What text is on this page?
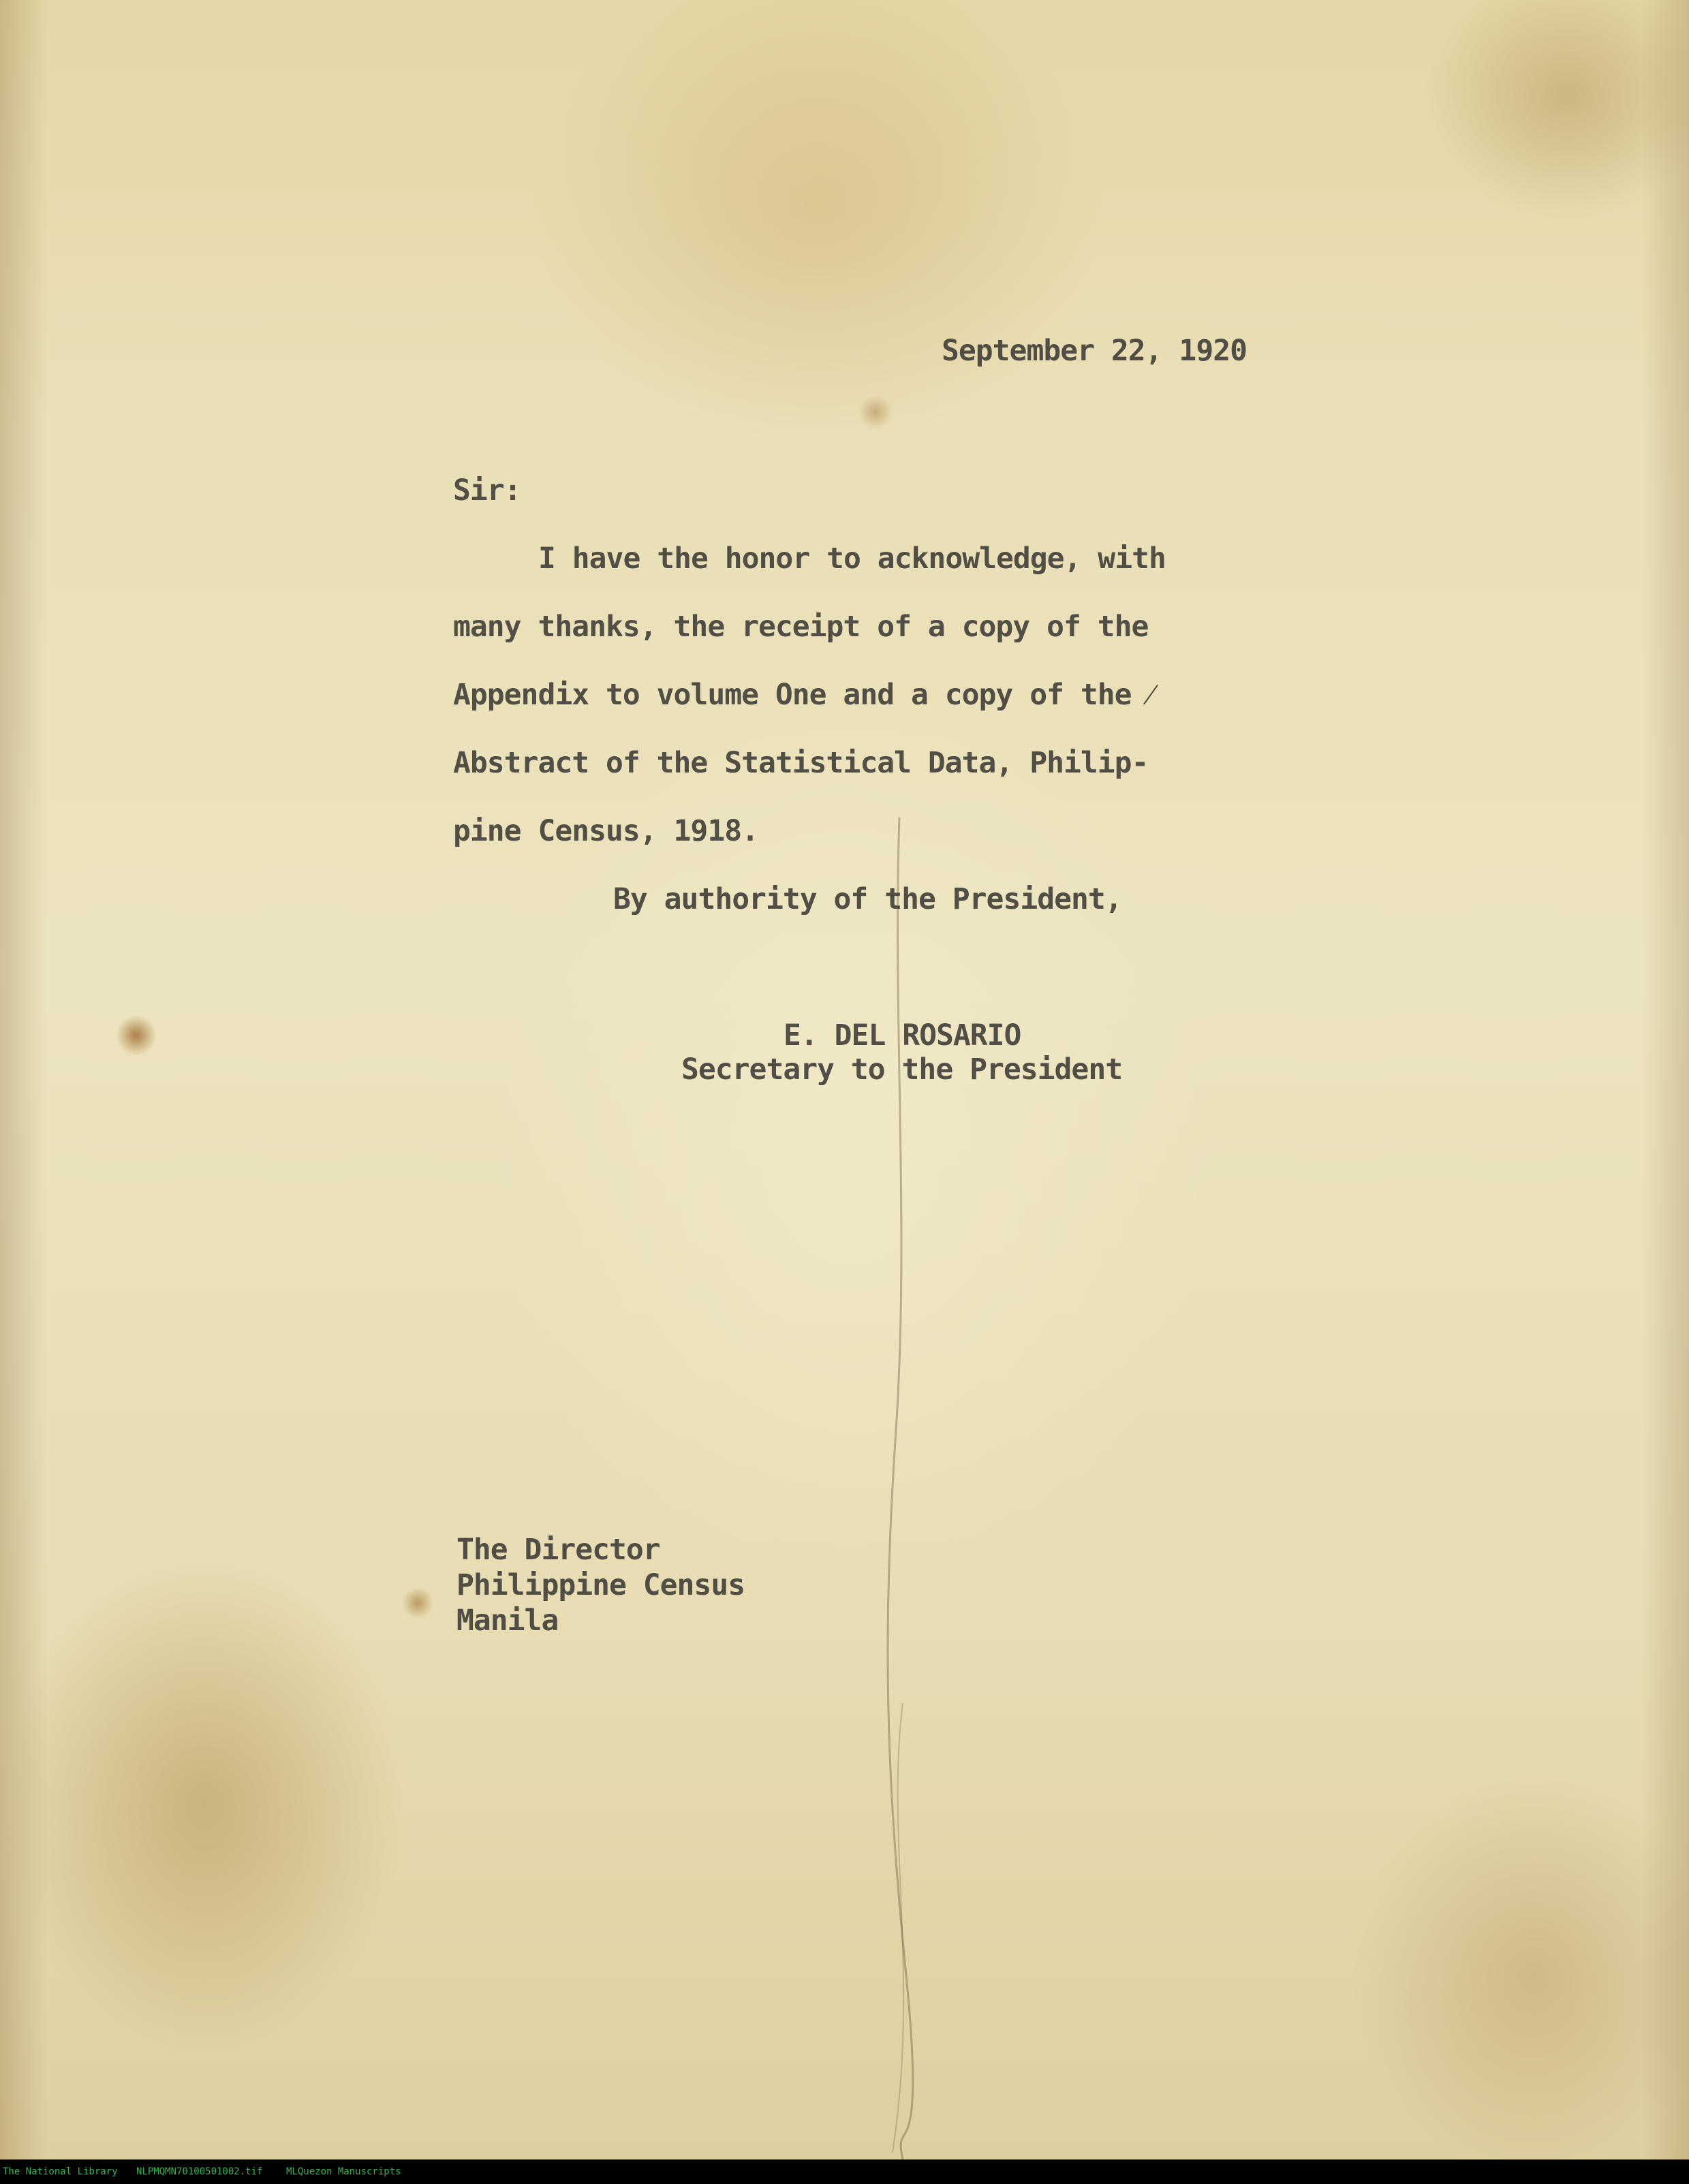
September 22, 1920
Sir:
I have the honor to acknowledge, with
many thanks, the receipt of a copy of the
Appendix to volume One and a copy of the ⁄
Abstract of the Statistical Data, Philip-
pine Census, 1918.
By authority of the President,
E. DEL ROSARIO
Secretary to the President
The Director
Philippine Census
Manila
The National Library NLPMQMN70100501002.tif MLQuezon Manuscripts
